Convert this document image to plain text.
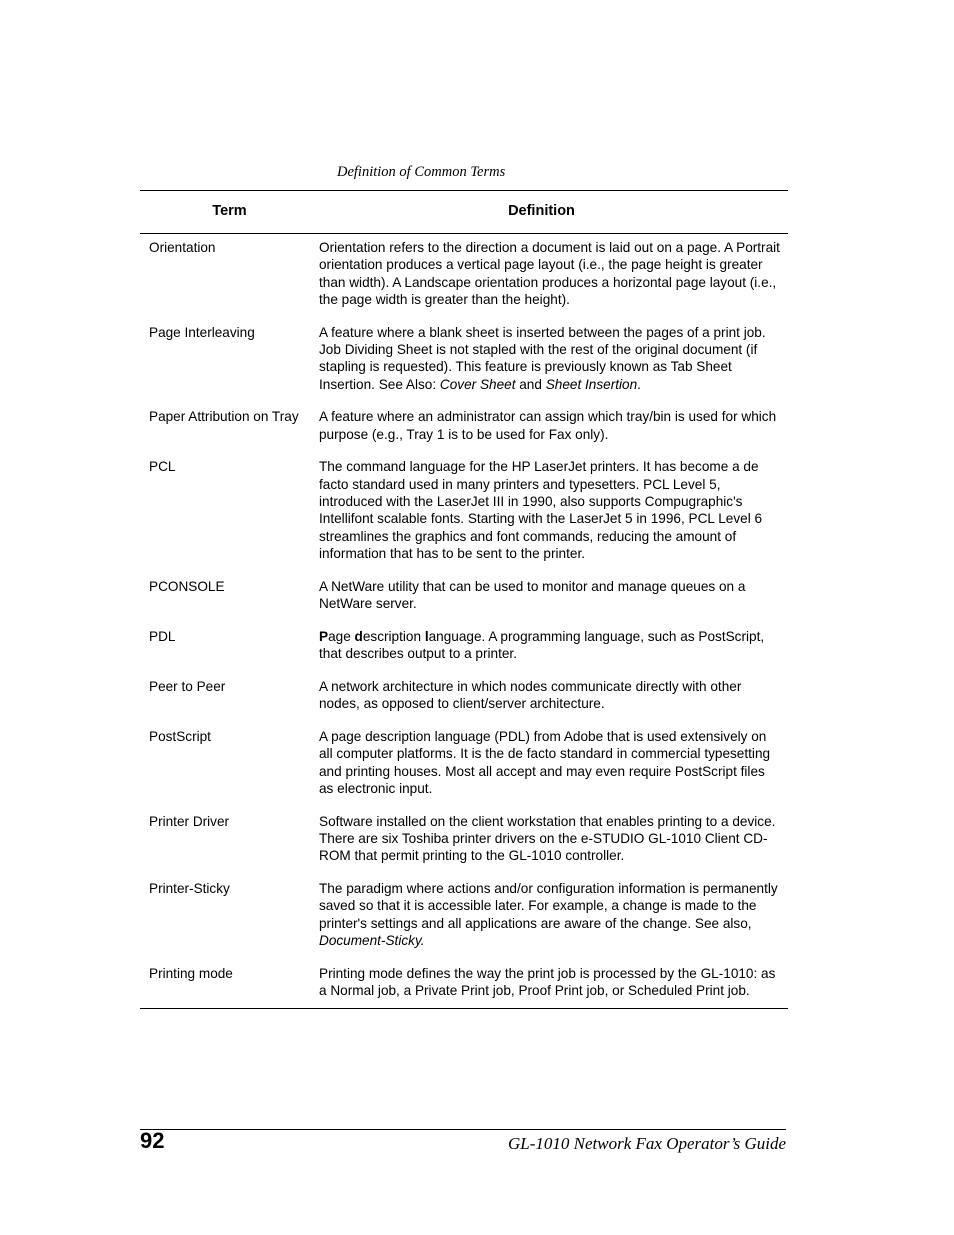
Definition of Common Terms
Term	Definition
Orientation	Orientation refers to the direction a document is laid out on a page. A Portrait orientation produces a vertical page layout (i.e., the page height is greater than width). A Landscape orientation produces a horizontal page layout (i.e., the page width is greater than the height).
Page Interleaving	A feature where a blank sheet is inserted between the pages of a print job. Job Dividing Sheet is not stapled with the rest of the original document (if stapling is requested). This feature is previously known as Tab Sheet Insertion. See Also: Cover Sheet and Sheet Insertion.
Paper Attribution on Tray	A feature where an administrator can assign which tray/bin is used for which purpose (e.g., Tray 1 is to be used for Fax only).
PCL	The command language for the HP LaserJet printers. It has become a de facto standard used in many printers and typesetters. PCL Level 5, introduced with the LaserJet III in 1990, also supports Compugraphic's Intellifont scalable fonts. Starting with the LaserJet 5 in 1996, PCL Level 6 streamlines the graphics and font commands, reducing the amount of information that has to be sent to the printer.
PCONSOLE	A NetWare utility that can be used to monitor and manage queues on a NetWare server.
PDL	Page description language. A programming language, such as PostScript, that describes output to a printer.
Peer to Peer	A network architecture in which nodes communicate directly with other nodes, as opposed to client/server architecture.
PostScript	A page description language (PDL) from Adobe that is used extensively on all computer platforms. It is the de facto standard in commercial typesetting and printing houses. Most all accept and may even require PostScript files as electronic input.
Printer Driver	Software installed on the client workstation that enables printing to a device. There are six Toshiba printer drivers on the e-STUDIO GL-1010 Client CD-ROM that permit printing to the GL-1010 controller.
Printer-Sticky	The paradigm where actions and/or configuration information is permanently saved so that it is accessible later. For example, a change is made to the printer's settings and all applications are aware of the change. See also, Document-Sticky.
Printing mode	Printing mode defines the way the print job is processed by the GL-1010: as a Normal job, a Private Print job, Proof Print job, or Scheduled Print job.
92	GL-1010 Network Fax Operator’s Guide
